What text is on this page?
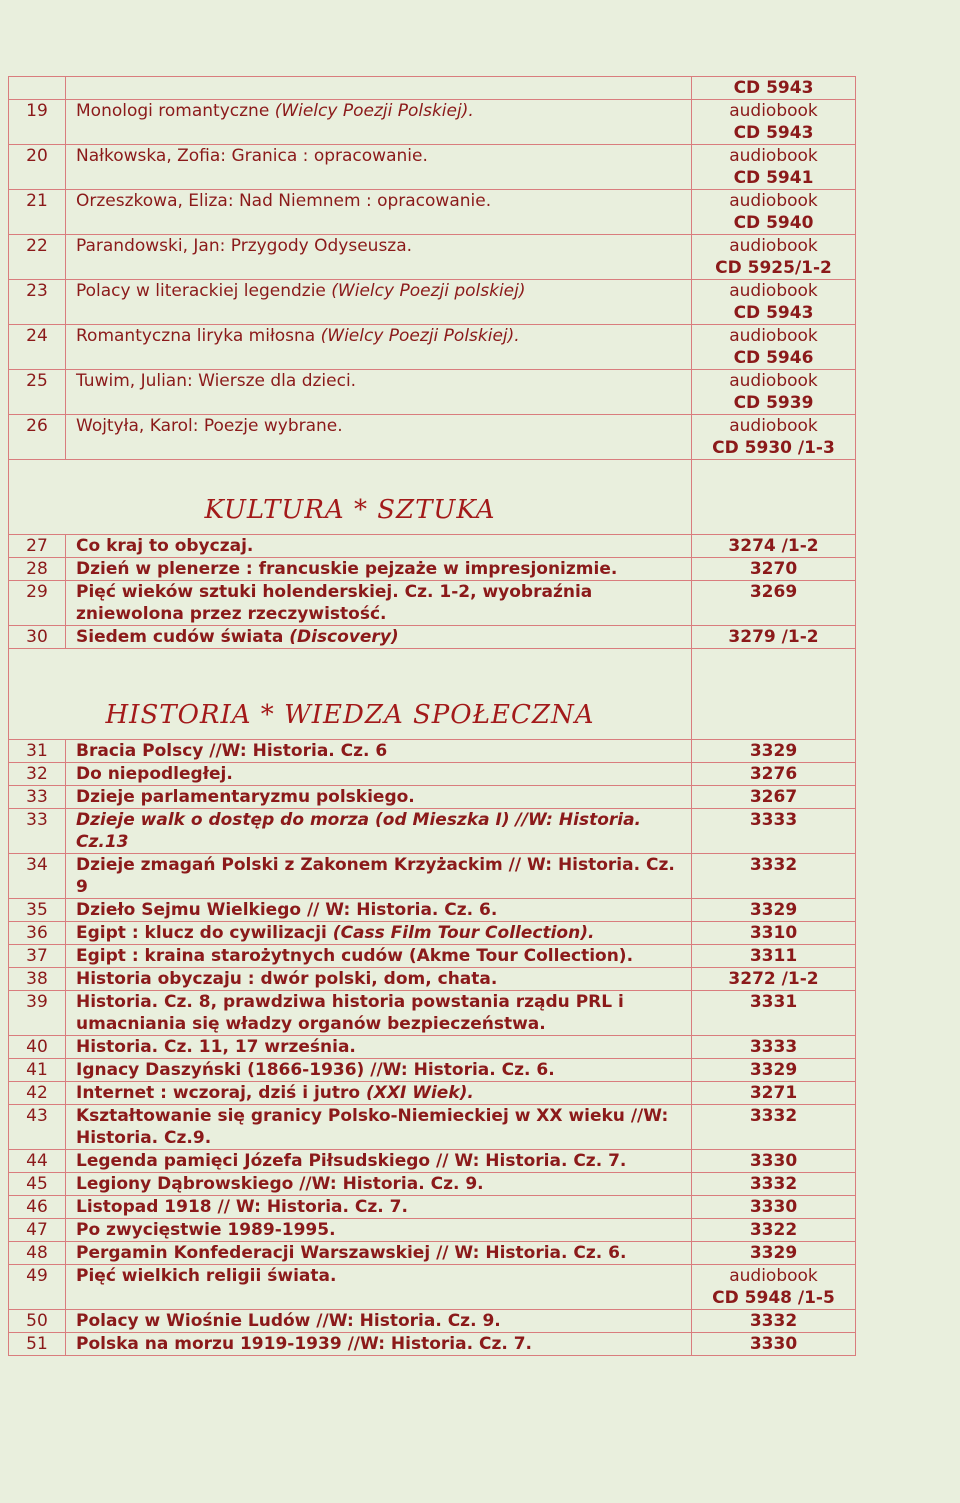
		CD 5943
19	Monologi romantyczne (Wielcy Poezji Polskiej).	audiobook
CD 5943
20	Nałkowska, Zofia: Granica : opracowanie.	audiobook
CD 5941
21	Orzeszkowa, Eliza: Nad Niemnem : opracowanie.	audiobook
CD 5940
22	Parandowski, Jan: Przygody Odyseusza.	audiobook
CD 5925/1-2
23	Polacy w literackiej legendzie (Wielcy Poezji polskiej)	audiobook
CD 5943
24	Romantyczna liryka miłosna (Wielcy Poezji Polskiej).	audiobook
CD 5946
25	Tuwim, Julian: Wiersze dla dzieci.	audiobook
CD 5939
26	Wojtyła, Karol: Poezje wybrane.	audiobook
CD 5930 /1-3
KULTURA * SZTUKA		
27	Co kraj to obyczaj.	3274 /1-2
28	Dzień w plenerze : francuskie pejzaże w impresjonizmie.	3270
29	Pięć wieków sztuki holenderskiej. Cz. 1-2, wyobraźnia zniewolona przez rzeczywistość.	3269
30	Siedem cudów świata (Discovery)	3279 /1-2
HISTORIA * WIEDZA SPOŁECZNA		
31	Bracia Polscy //W: Historia. Cz. 6	3329
32	Do niepodległej.	3276
33	Dzieje parlamentaryzmu polskiego.	3267
33	Dzieje walk o dostęp do morza (od Mieszka I) //W: Historia. Cz.13	3333
34	Dzieje zmagań Polski z Zakonem Krzyżackim // W: Historia. Cz. 9	3332
35	Dzieło Sejmu Wielkiego // W: Historia. Cz. 6.	3329
36	Egipt : klucz do cywilizacji (Cass Film Tour Collection).	3310
37	Egipt : kraina starożytnych cudów (Akme Tour Collection).	3311
38	Historia obyczaju : dwór polski, dom, chata.	3272 /1-2
39	Historia. Cz. 8, prawdziwa historia powstania rządu PRL i umacniania się władzy organów bezpieczeństwa.	3331
40	Historia. Cz. 11, 17 września.	3333
41	Ignacy Daszyński (1866-1936) //W: Historia. Cz. 6.	3329
42	Internet : wczoraj, dziś i jutro (XXI Wiek).	3271
43	Kształtowanie się granicy Polsko-Niemieckiej w XX wieku //W: Historia. Cz.9.	3332
44	Legenda pamięci Józefa Piłsudskiego // W: Historia. Cz. 7.	3330
45	Legiony Dąbrowskiego //W: Historia. Cz. 9.	3332
46	Listopad 1918 // W: Historia. Cz. 7.	3330
47	Po zwycięstwie 1989-1995.	3322
48	Pergamin Konfederacji Warszawskiej // W: Historia. Cz. 6.	3329
49	Pięć wielkich religii świata.	audiobook
CD 5948 /1-5
50	Polacy w Wiośnie Ludów //W: Historia. Cz. 9.	3332
51	Polska na morzu 1919-1939 //W: Historia. Cz. 7.	3330
